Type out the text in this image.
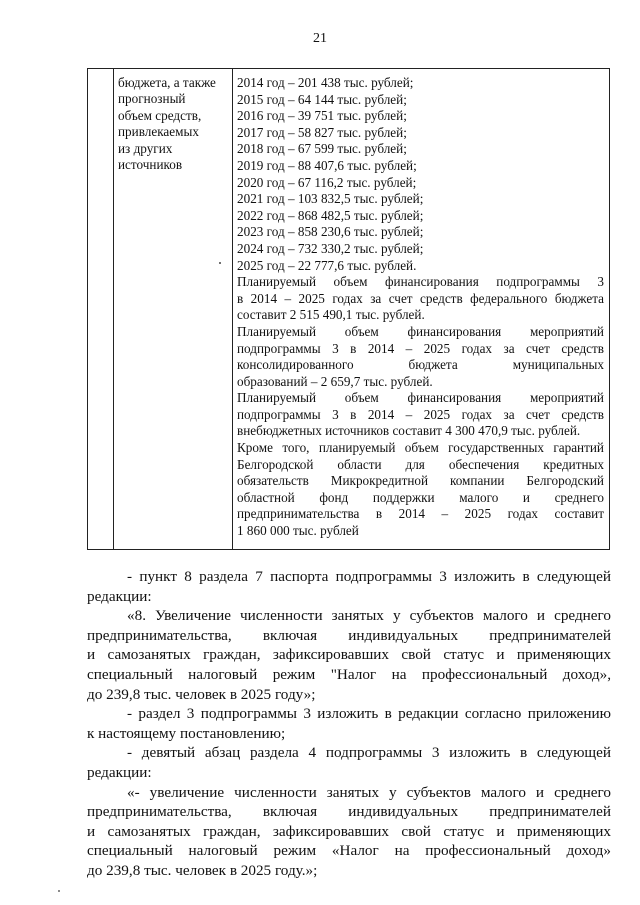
21
бюджета, а также
прогнозный
объем средств,
привлекаемых
из других
источников
2014 год – 201 438 тыс. рублей;
2015 год – 64 144 тыс. рублей;
2016 год – 39 751 тыс. рублей;
2017 год – 58 827 тыс. рублей;
2018 год – 67 599 тыс. рублей;
2019 год – 88 407,6 тыс. рублей;
2020 год – 67 116,2 тыс. рублей;
2021 год – 103 832,5 тыс. рублей;
2022 год – 868 482,5 тыс. рублей;
2023 год – 858 230,6 тыс. рублей;
2024 год – 732 330,2 тыс. рублей;
2025 год – 22 777,6 тыс. рублей.
Планируемый объем финансирования подпрограммы 3
в 2014 – 2025 годах за счет средств федерального бюджета
составит 2 515 490,1 тыс. рублей.
Планируемый объем финансирования мероприятий
подпрограммы 3 в 2014 – 2025 годах за счет средств
консолидированного бюджета муниципальных
образований – 2 659,7 тыс. рублей.
Планируемый объем финансирования мероприятий
подпрограммы 3 в 2014 – 2025 годах за счет средств
внебюджетных источников составит 4 300 470,9 тыс. рублей.
Кроме того, планируемый объем государственных гарантий
Белгородской области для обеспечения кредитных
обязательств Микрокредитной компании Белгородский
областной фонд поддержки малого и среднего
предпринимательства в 2014 – 2025 годах составит
1 860 000 тыс. рублей
- пункт 8 раздела 7 паспорта подпрограммы 3 изложить в следующей
редакции:
«8. Увеличение численности занятых у субъектов малого и среднего
предпринимательства, включая индивидуальных предпринимателей
и самозанятых граждан, зафиксировавших свой статус и применяющих
специальный налоговый режим "Налог на профессиональный доход»,
до 239,8 тыс. человек в 2025 году»;
- раздел 3 подпрограммы 3 изложить в редакции согласно приложению
к настоящему постановлению;
- девятый абзац раздела 4 подпрограммы 3 изложить в следующей
редакции:
«- увеличение численности занятых у субъектов малого и среднего
предпринимательства, включая индивидуальных предпринимателей
и самозанятых граждан, зафиксировавших свой статус и применяющих
специальный налоговый режим «Налог на профессиональный доход»
до 239,8 тыс. человек в 2025 году.»;
